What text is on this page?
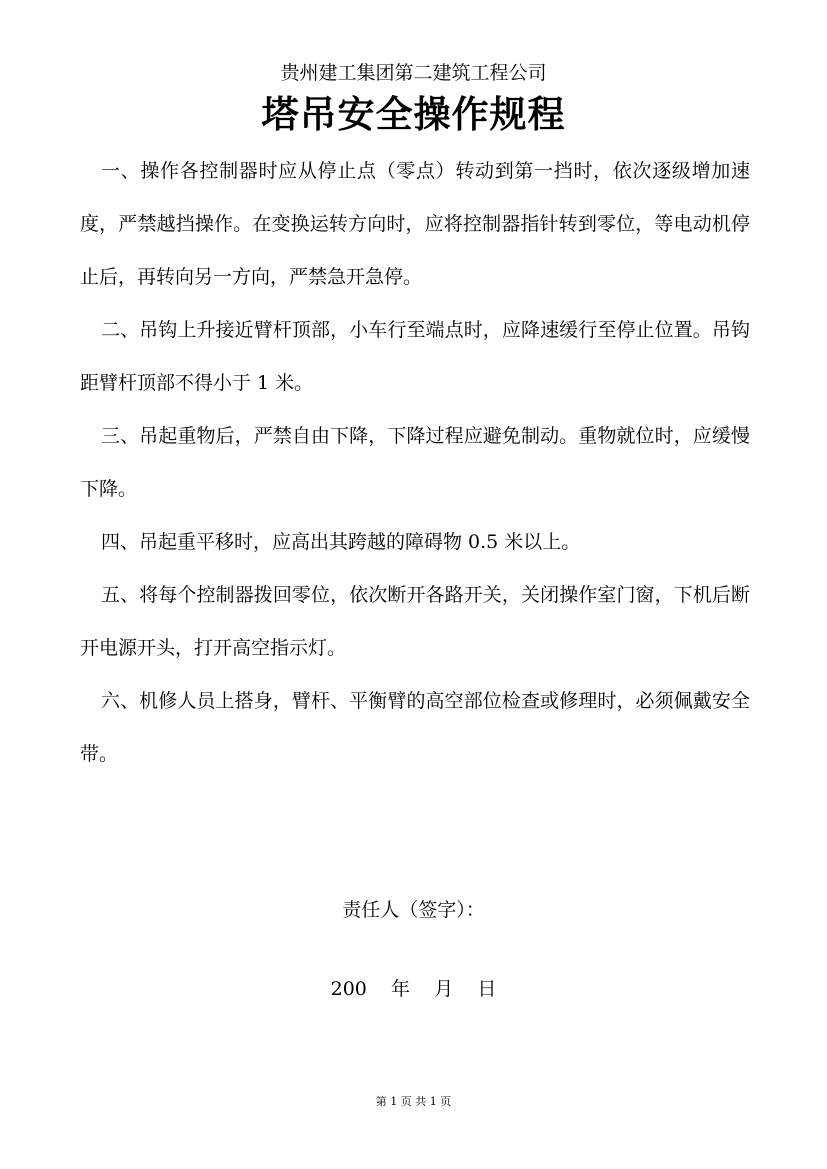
贵州建工集团第二建筑工程公司
塔吊安全操作规程

一、操作各控制器时应从停止点（零点）转动到第一挡时，依次逐级增加速度，严禁越挡操作。在变换运转方向时，应将控制器指针转到零位，等电动机停止后，再转向另一方向，严禁急开急停。

二、吊钩上升接近臂杆顶部，小车行至端点时，应降速缓行至停止位置。吊钩距臂杆顶部不得小于 1 米。

三、吊起重物后，严禁自由下降，下降过程应避免制动。重物就位时，应缓慢下降。

四、吊起重平移时，应高出其跨越的障碍物 0.5 米以上。

五、将每个控制器拨回零位，依次断开各路开关，关闭操作室门窗，下机后断开电源开头，打开高空指示灯。

六、机修人员上搭身，臂杆、平衡臂的高空部位检查或修理时，必须佩戴安全带。

责任人（签字）：
200    年    月    日
第 1 页 共 1 页
